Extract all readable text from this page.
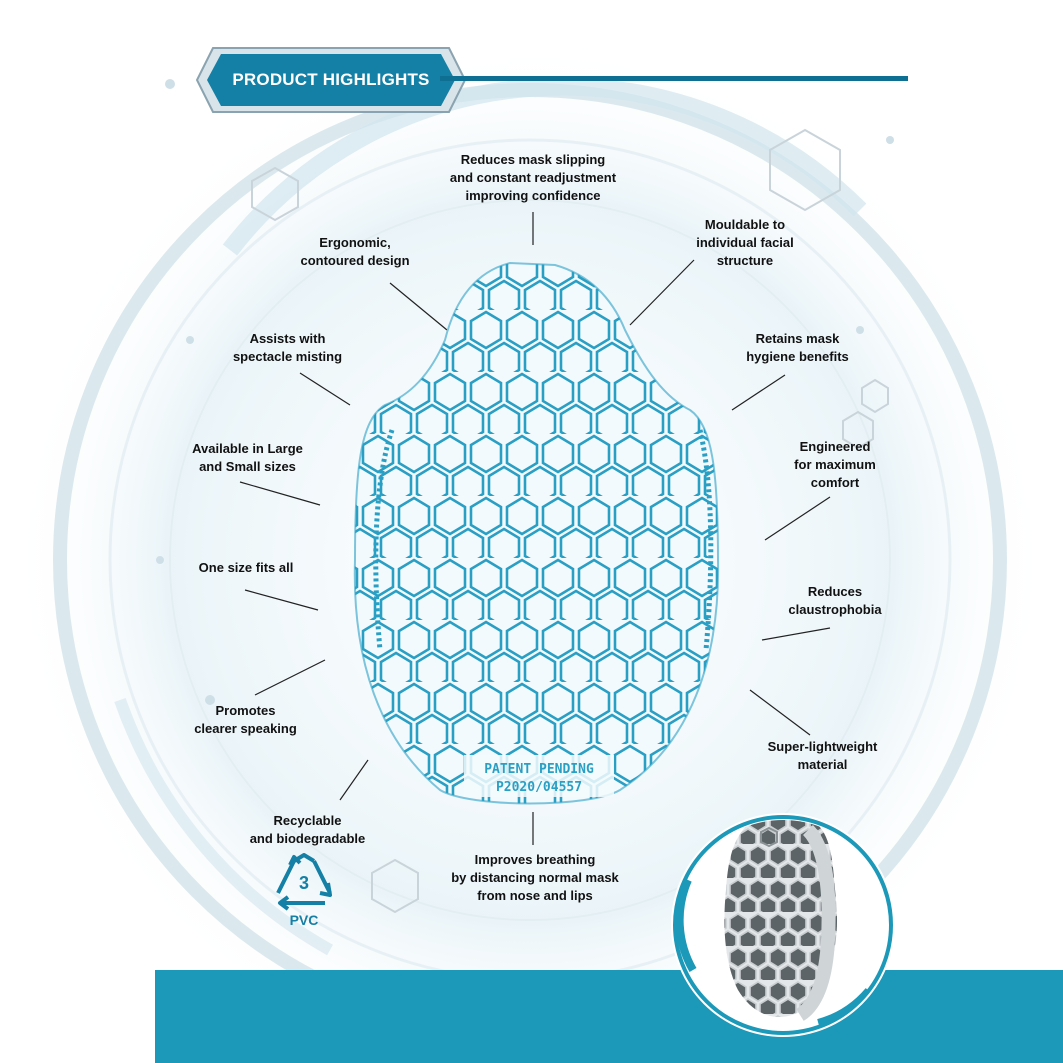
PRODUCT HIGHLIGHTS
PATENT PENDING
P2020/04557
Reduces mask slipping
and constant readjustment
improving confidence
Ergonomic,
contoured design
Mouldable to
individual facial
structure
Assists with
spectacle misting
Retains mask
hygiene benefits
Available in Large
and Small sizes
Engineered
for maximum
comfort
One size fits all
Reduces
claustrophobia
Promotes
clearer speaking
Super-lightweight
material
Recyclable
and biodegradable
Improves breathing
by distancing normal mask
from nose and lips
3
PVC
